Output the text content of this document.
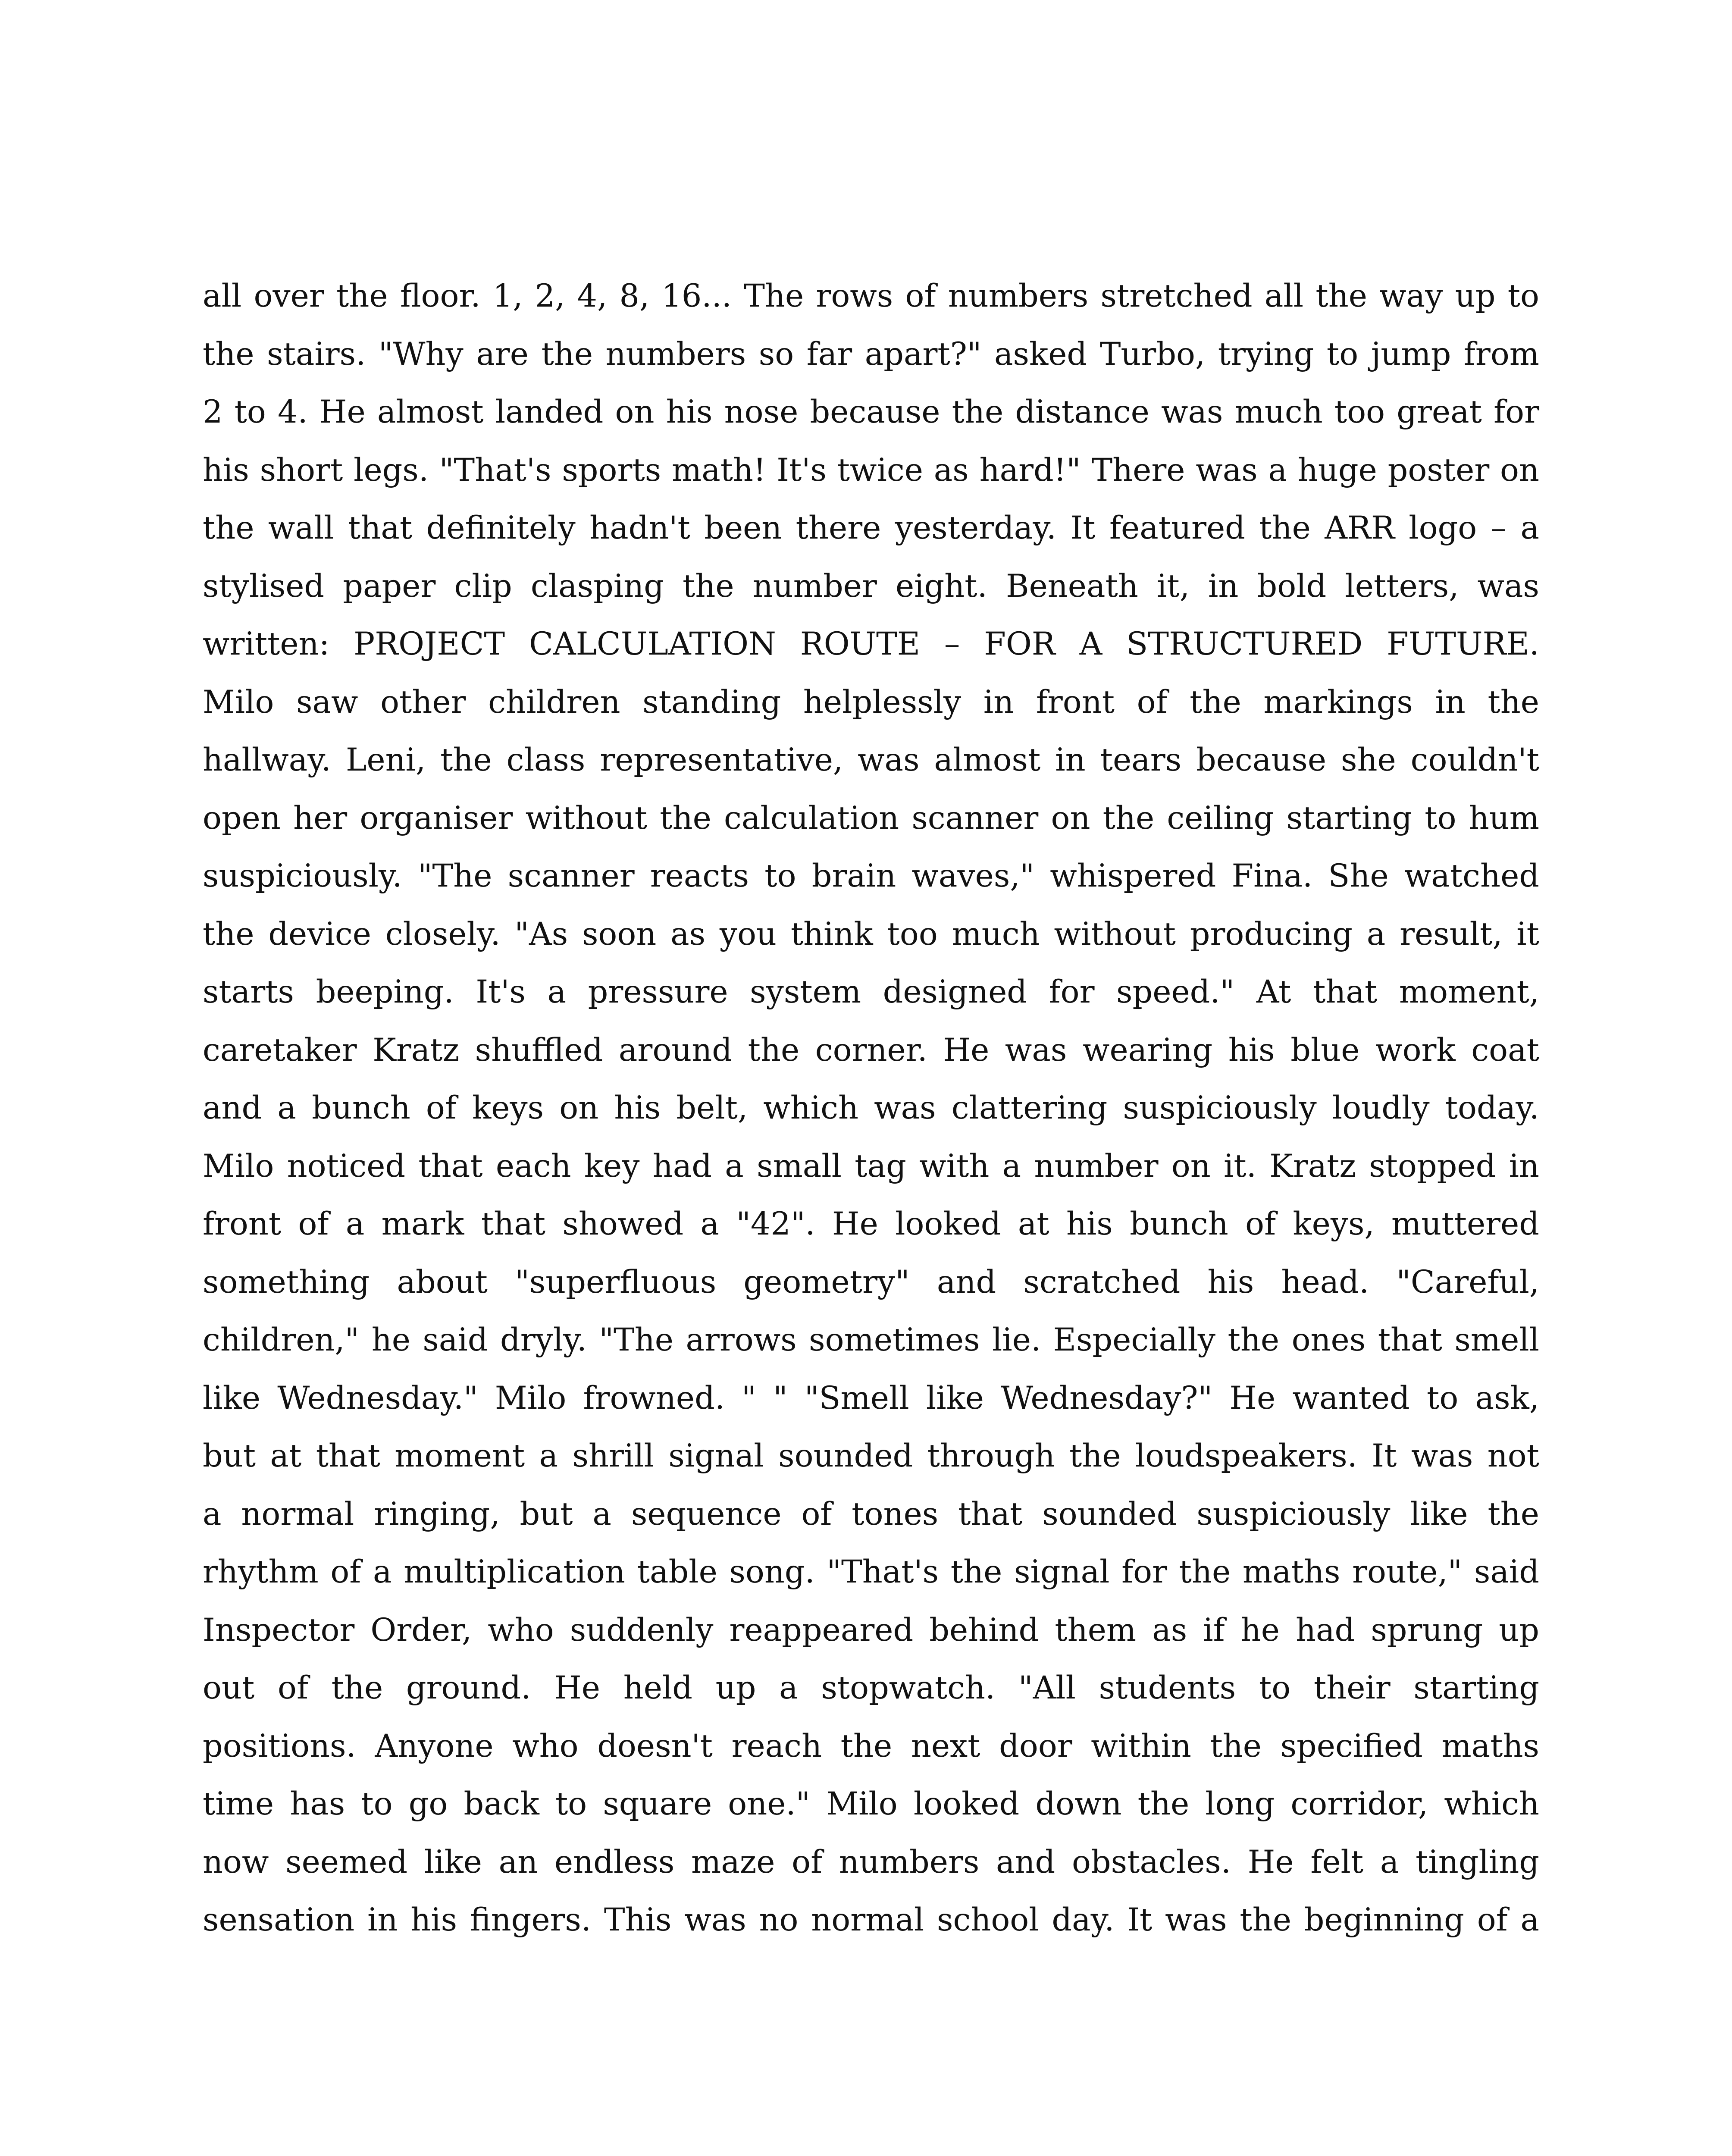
all over the floor. 1, 2, 4, 8, 16... The rows of numbers stretched all the way up to
the stairs. "Why are the numbers so far apart?" asked Turbo, trying to jump from
2 to 4. He almost landed on his nose because the distance was much too great for
his short legs. "That's sports math! It's twice as hard!" There was a huge poster on
the wall that definitely hadn't been there yesterday. It featured the ARR logo – a
stylised paper clip clasping the number eight. Beneath it, in bold letters, was
written: PROJECT CALCULATION ROUTE – FOR A STRUCTURED FUTURE.
Milo saw other children standing helplessly in front of the markings in the
hallway. Leni, the class representative, was almost in tears because she couldn't
open her organiser without the calculation scanner on the ceiling starting to hum
suspiciously. "The scanner reacts to brain waves," whispered Fina. She watched
the device closely. "As soon as you think too much without producing a result, it
starts beeping. It's a pressure system designed for speed." At that moment,
caretaker Kratz shuffled around the corner. He was wearing his blue work coat
and a bunch of keys on his belt, which was clattering suspiciously loudly today.
Milo noticed that each key had a small tag with a number on it. Kratz stopped in
front of a mark that showed a "42". He looked at his bunch of keys, muttered
something about "superfluous geometry" and scratched his head. "Careful,
children," he said dryly. "The arrows sometimes lie. Especially the ones that smell
like Wednesday." Milo frowned. " " "Smell like Wednesday?" He wanted to ask,
but at that moment a shrill signal sounded through the loudspeakers. It was not
a normal ringing, but a sequence of tones that sounded suspiciously like the
rhythm of a multiplication table song. "That's the signal for the maths route," said
Inspector Order, who suddenly reappeared behind them as if he had sprung up
out of the ground. He held up a stopwatch. "All students to their starting
positions. Anyone who doesn't reach the next door within the specified maths
time has to go back to square one." Milo looked down the long corridor, which
now seemed like an endless maze of numbers and obstacles. He felt a tingling
sensation in his fingers. This was no normal school day. It was the beginning of a
